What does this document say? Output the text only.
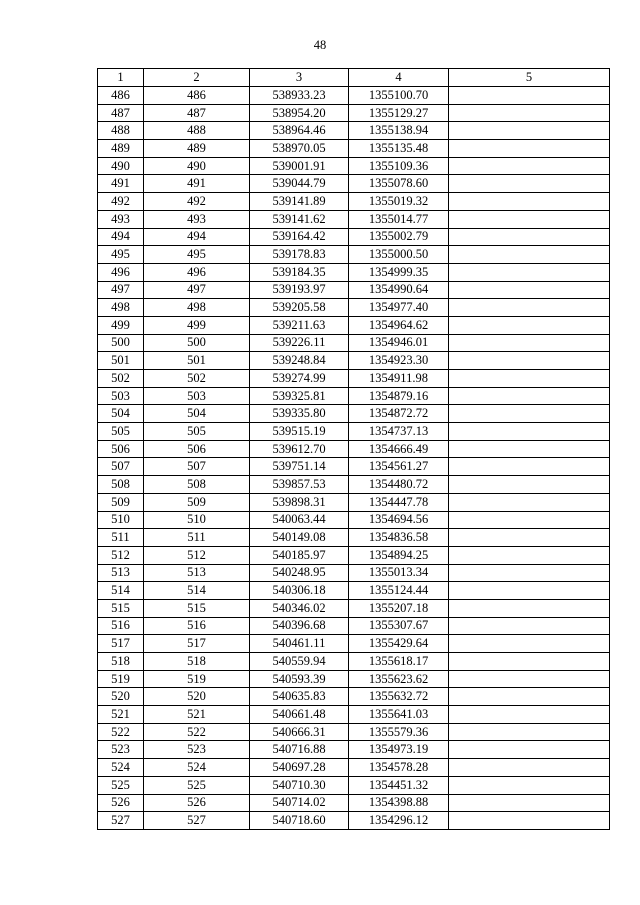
48
1	2	3	4	5
486	486	538933.23	1355100.70	
487	487	538954.20	1355129.27	
488	488	538964.46	1355138.94	
489	489	538970.05	1355135.48	
490	490	539001.91	1355109.36	
491	491	539044.79	1355078.60	
492	492	539141.89	1355019.32	
493	493	539141.62	1355014.77	
494	494	539164.42	1355002.79	
495	495	539178.83	1355000.50	
496	496	539184.35	1354999.35	
497	497	539193.97	1354990.64	
498	498	539205.58	1354977.40	
499	499	539211.63	1354964.62	
500	500	539226.11	1354946.01	
501	501	539248.84	1354923.30	
502	502	539274.99	1354911.98	
503	503	539325.81	1354879.16	
504	504	539335.80	1354872.72	
505	505	539515.19	1354737.13	
506	506	539612.70	1354666.49	
507	507	539751.14	1354561.27	
508	508	539857.53	1354480.72	
509	509	539898.31	1354447.78	
510	510	540063.44	1354694.56	
511	511	540149.08	1354836.58	
512	512	540185.97	1354894.25	
513	513	540248.95	1355013.34	
514	514	540306.18	1355124.44	
515	515	540346.02	1355207.18	
516	516	540396.68	1355307.67	
517	517	540461.11	1355429.64	
518	518	540559.94	1355618.17	
519	519	540593.39	1355623.62	
520	520	540635.83	1355632.72	
521	521	540661.48	1355641.03	
522	522	540666.31	1355579.36	
523	523	540716.88	1354973.19	
524	524	540697.28	1354578.28	
525	525	540710.30	1354451.32	
526	526	540714.02	1354398.88	
527	527	540718.60	1354296.12	
